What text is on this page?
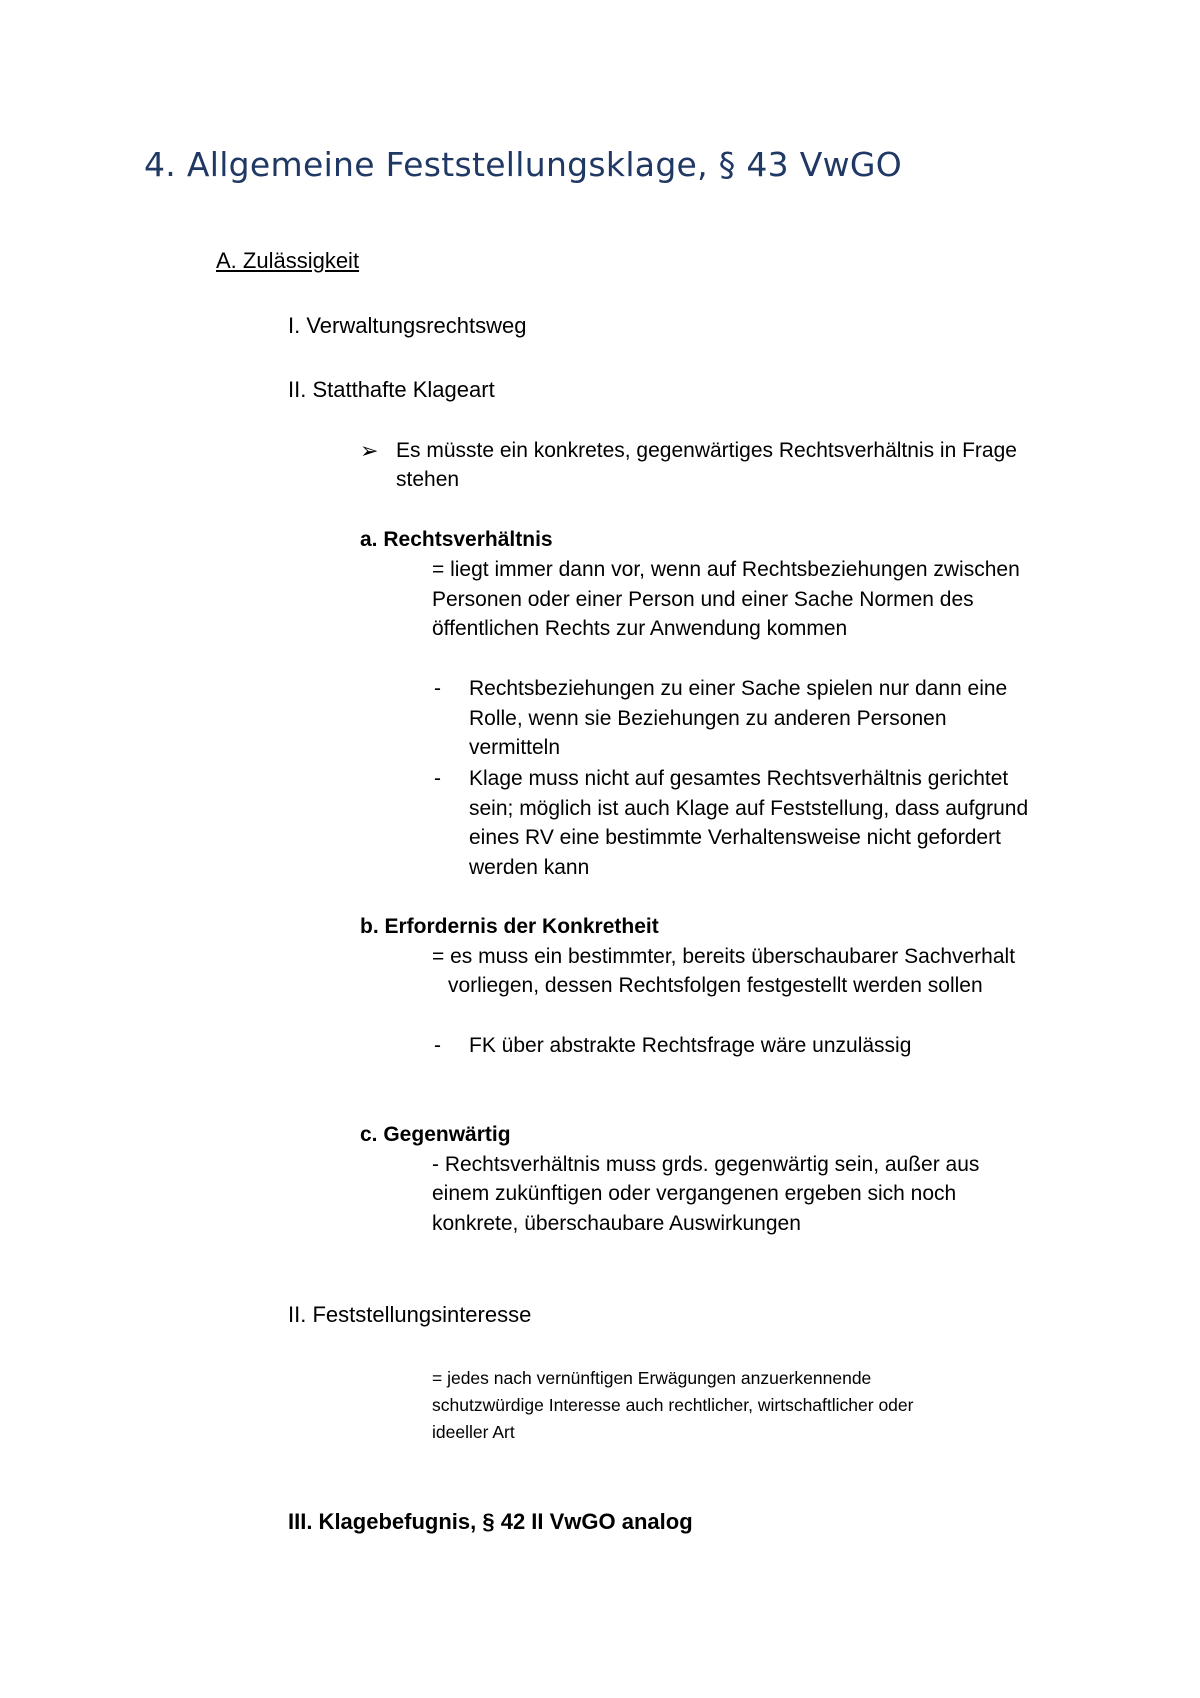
4. Allgemeine Feststellungsklage, § 43 VwGO
A. Zulässigkeit
I. Verwaltungsrechtsweg
II. Statthafte Klageart
➢ Es müsste ein konkretes, gegenwärtiges Rechtsverhältnis in Frage
stehen
a. Rechtsverhältnis
= liegt immer dann vor, wenn auf Rechtsbeziehungen zwischen
Personen oder einer Person und einer Sache Normen des
öffentlichen Rechts zur Anwendung kommen
- Rechtsbeziehungen zu einer Sache spielen nur dann eine
Rolle, wenn sie Beziehungen zu anderen Personen
vermitteln
- Klage muss nicht auf gesamtes Rechtsverhältnis gerichtet
sein; möglich ist auch Klage auf Feststellung, dass aufgrund
eines RV eine bestimmte Verhaltensweise nicht gefordert
werden kann
b. Erfordernis der Konkretheit
= es muss ein bestimmter, bereits überschaubarer Sachverhalt
vorliegen, dessen Rechtsfolgen festgestellt werden sollen
- FK über abstrakte Rechtsfrage wäre unzulässig
c. Gegenwärtig
- Rechtsverhältnis muss grds. gegenwärtig sein, außer aus
einem zukünftigen oder vergangenen ergeben sich noch
konkrete, überschaubare Auswirkungen
II. Feststellungsinteresse
= jedes nach vernünftigen Erwägungen anzuerkennende
schutzwürdige Interesse auch rechtlicher, wirtschaftlicher oder
ideeller Art
III. Klagebefugnis, § 42 II VwGO analog
